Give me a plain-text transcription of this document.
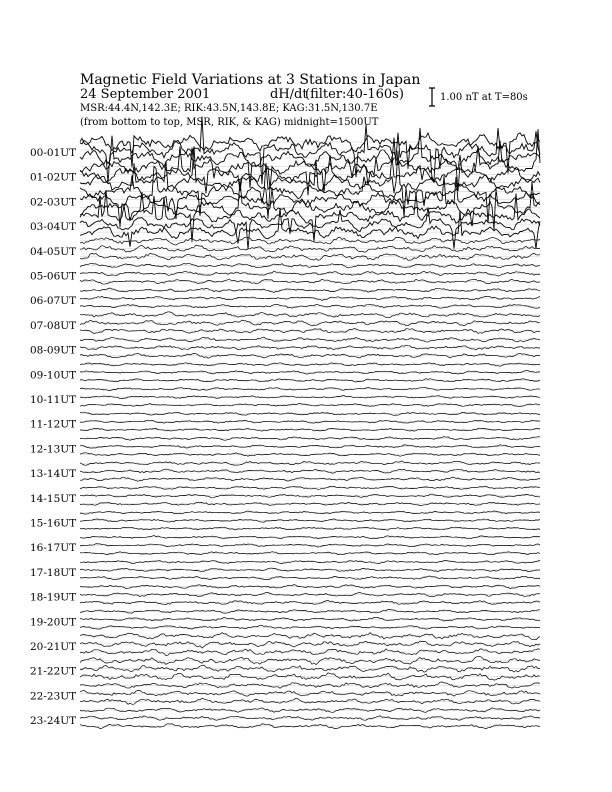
Magnetic Field Variations at 3 Stations in Japan
24 September 2001	dH/dt
(filter:40-160s)
MSR:44.4N,142.3E; RIK:43.5N,143.8E; KAG:31.5N,130.7E
(from bottom to top, MSR, RIK, & KAG) midnight=1500UT
1.00 nT at T=80s
00-01UT
01-02UT
02-03UT
03-04UT
04-05UT
05-06UT
06-07UT
07-08UT
08-09UT
09-10UT
10-11UT
11-12UT
12-13UT
13-14UT
14-15UT
15-16UT
16-17UT
17-18UT
18-19UT
19-20UT
20-21UT
21-22UT
22-23UT
23-24UT
